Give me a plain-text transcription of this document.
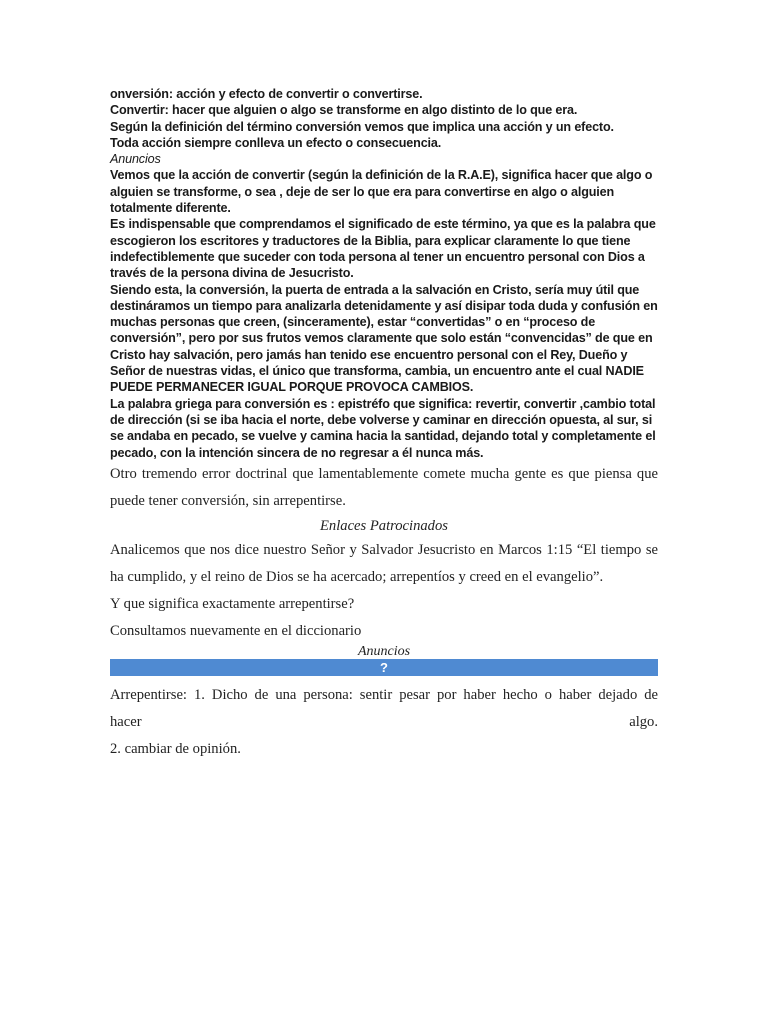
onversión: acción y efecto de convertir o convertirse.

Convertir: hacer que alguien o algo se transforme en algo distinto de lo que era.

Según la definición del término conversión vemos que implica una acción y un efecto.

Toda acción siempre conlleva un efecto o consecuencia.

Anuncios

Vemos que la acción de convertir (según la definición de la R.A.E), significa hacer que algo o alguien se transforme, o sea , deje de ser lo que era para convertirse en algo o alguien totalmente diferente.

Es indispensable que comprendamos el significado de este término, ya que es la palabra que escogieron los escritores y traductores de la Biblia, para explicar claramente lo que tiene indefectiblemente que suceder con toda persona al tener un encuentro personal con Dios a través de la persona divina de Jesucristo.

Siendo esta, la conversión, la puerta de entrada a la salvación en Cristo, sería muy útil que destináramos un tiempo para analizarla detenidamente y así disipar toda duda y confusión en muchas personas que creen, (sinceramente), estar “convertidas” o en “proceso de conversión”, pero por sus frutos vemos claramente que solo están “convencidas” de que en Cristo hay salvación, pero jamás han tenido ese encuentro personal con el Rey, Dueño y Señor de nuestras vidas, el único que transforma, cambia, un encuentro ante el cual NADIE PUEDE PERMANECER IGUAL PORQUE PROVOCA CAMBIOS.

La palabra griega para conversión es : epistréfo que significa: revertir, convertir ,cambio total de dirección (si se iba hacia el norte, debe volverse y caminar en dirección opuesta, al sur, si se andaba en pecado, se vuelve y camina hacia la santidad, dejando total y completamente el pecado, con la intención sincera de no regresar a él nunca más.

Otro tremendo error doctrinal que lamentablemente comete mucha gente es que piensa que puede tener conversión, sin arrepentirse.

Enlaces Patrocinados

Analicemos que nos dice nuestro Señor y Salvador Jesucristo en Marcos 1:15 “El tiempo se ha cumplido, y el reino de Dios se ha acercado; arrepentíos y creed en el evangelio”.

Y que significa exactamente arrepentirse?

Consultamos nuevamente en el diccionario

Anuncios

?
Arrepentirse: 1. Dicho de una persona: sentir pesar por haber hecho o haber dejado de
hacer	algo.
2. cambiar de opinión.
